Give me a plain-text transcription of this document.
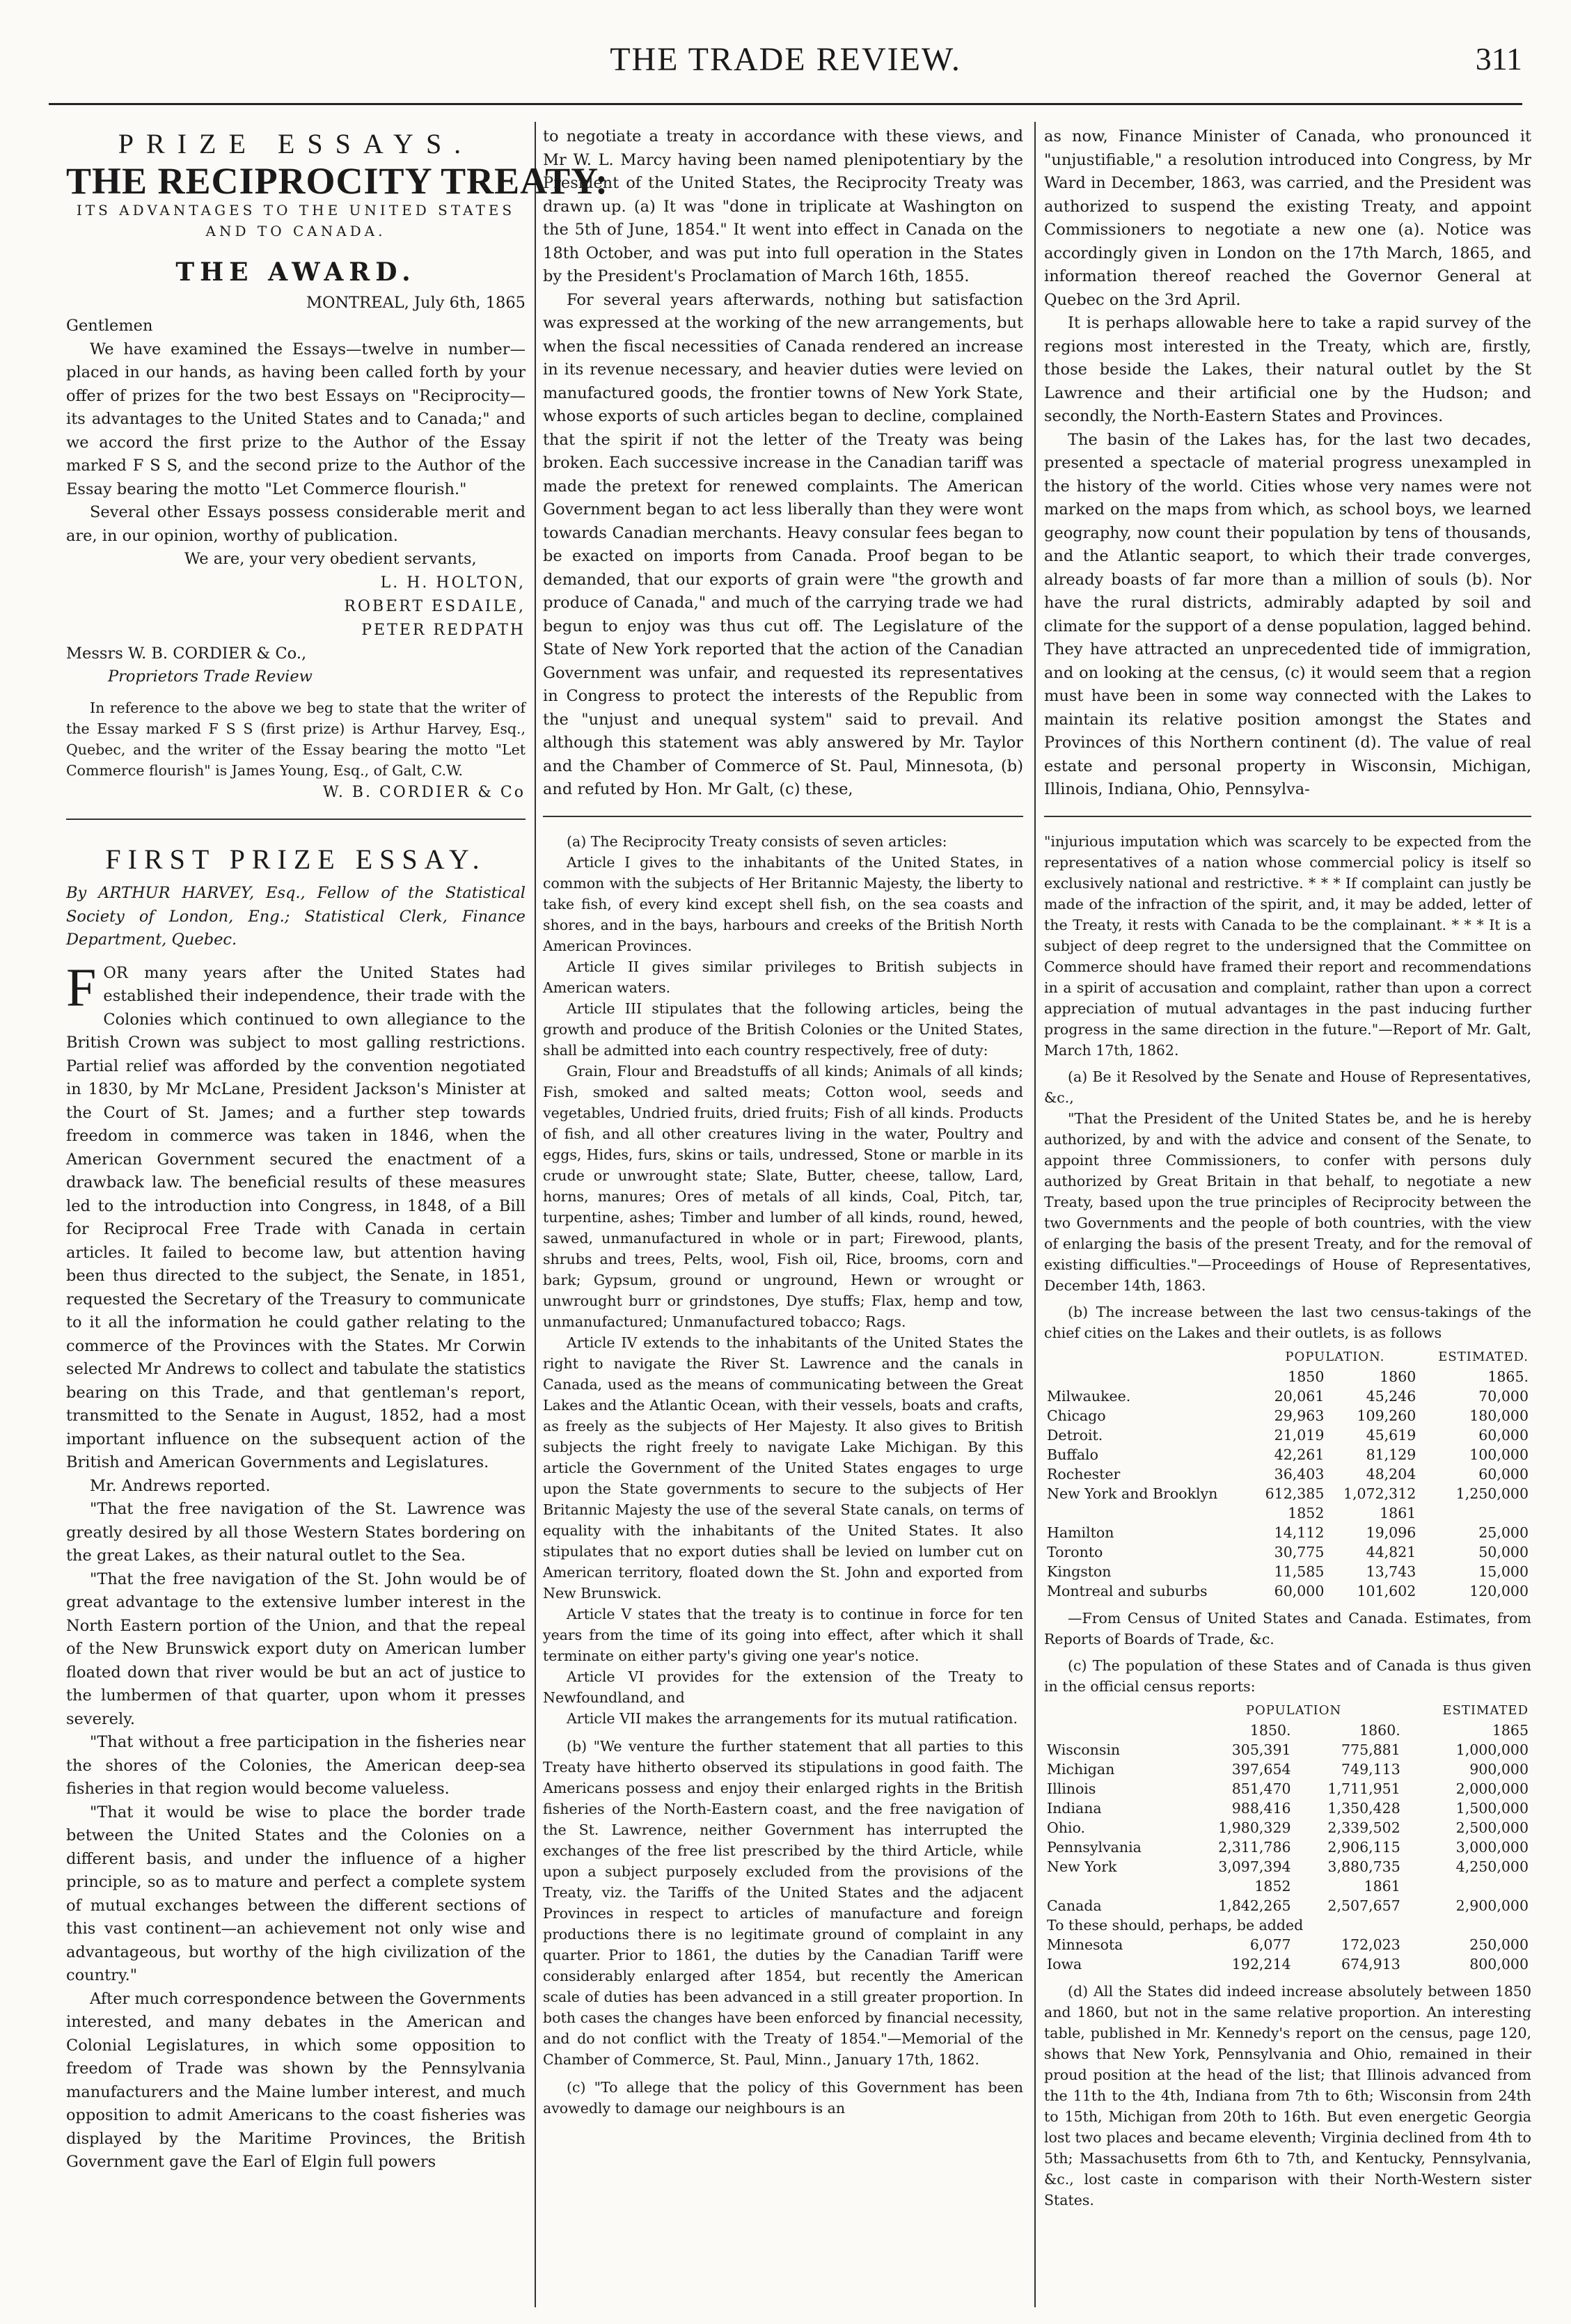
THE TRADE REVIEW.	311
PRIZE ESSAYS.
THE RECIPROCITY TREATY:
ITS ADVANTAGES TO THE UNITED STATES AND TO CANADA.
THE AWARD.

MONTREAL, July 6th, 1865

Gentlemen

We have examined the Essays—twelve in number—placed in our hands, as having been called forth by your offer of prizes for the two best Essays on "Reciprocity—its advantages to the United States and to Canada;" and we accord the first prize to the Author of the Essay marked F S S, and the second prize to the Author of the Essay bearing the motto "Let Commerce flourish."

Several other Essays possess considerable merit and are, in our opinion, worthy of publication.

We are, your very obedient servants,

L. H. HOLTON,
ROBERT ESDAILE,
PETER REDPATH

Messrs W. B. CORDIER & Co.,

Proprietors Trade Review

In reference to the above we beg to state that the writer of the Essay marked F S S (first prize) is Arthur Harvey, Esq., Quebec, and the writer of the Essay bearing the motto "Let Commerce flourish" is James Young, Esq., of Galt, C.W.

W. B. CORDIER & Co
FIRST PRIZE ESSAY.

By ARTHUR HARVEY, Esq., Fellow of the Statistical Society of London, Eng.; Statistical Clerk, Finance Department, Quebec.

FOR many years after the United States had established their independence, their trade with the Colonies which continued to own allegiance to the British Crown was subject to most galling restrictions. Partial relief was afforded by the convention negotiated in 1830, by Mr McLane, President Jackson's Minister at the Court of St. James; and a further step towards freedom in commerce was taken in 1846, when the American Government secured the enactment of a drawback law. The beneficial results of these measures led to the introduction into Congress, in 1848, of a Bill for Reciprocal Free Trade with Canada in certain articles. It failed to become law, but attention having been thus directed to the subject, the Senate, in 1851, requested the Secretary of the Treasury to communicate to it all the information he could gather relating to the commerce of the Provinces with the States. Mr Corwin selected Mr Andrews to collect and tabulate the statistics bearing on this Trade, and that gentleman's report, transmitted to the Senate in August, 1852, had a most important influence on the subsequent action of the British and American Governments and Legislatures.

Mr. Andrews reported.

"That the free navigation of the St. Lawrence was greatly desired by all those Western States bordering on the great Lakes, as their natural outlet to the Sea.

"That the free navigation of the St. John would be of great advantage to the extensive lumber interest in the North Eastern portion of the Union, and that the repeal of the New Brunswick export duty on American lumber floated down that river would be but an act of justice to the lumbermen of that quarter, upon whom it presses severely.

"That without a free participation in the fisheries near the shores of the Colonies, the American deep-sea fisheries in that region would become valueless.

"That it would be wise to place the border trade between the United States and the Colonies on a different basis, and under the influence of a higher principle, so as to mature and perfect a complete system of mutual exchanges between the different sections of this vast continent—an achievement not only wise and advantageous, but worthy of the high civilization of the country."

After much correspondence between the Governments interested, and many debates in the American and Colonial Legislatures, in which some opposition to freedom of Trade was shown by the Pennsylvania manufacturers and the Maine lumber interest, and much opposition to admit Americans to the coast fisheries was displayed by the Maritime Provinces, the British Government gave the Earl of Elgin full powers

to negotiate a treaty in accordance with these views, and Mr W. L. Marcy having been named plenipotentiary by the President of the United States, the Reciprocity Treaty was drawn up. (a) It was "done in triplicate at Washington on the 5th of June, 1854." It went into effect in Canada on the 18th October, and was put into full operation in the States by the President's Proclamation of March 16th, 1855.

For several years afterwards, nothing but satisfaction was expressed at the working of the new arrangements, but when the fiscal necessities of Canada rendered an increase in its revenue necessary, and heavier duties were levied on manufactured goods, the frontier towns of New York State, whose exports of such articles began to decline, complained that the spirit if not the letter of the Treaty was being broken. Each successive increase in the Canadian tariff was made the pretext for renewed complaints. The American Government began to act less liberally than they were wont towards Canadian merchants. Heavy consular fees began to be exacted on imports from Canada. Proof began to be demanded, that our exports of grain were "the growth and produce of Canada," and much of the carrying trade we had begun to enjoy was thus cut off. The Legislature of the State of New York reported that the action of the Canadian Government was unfair, and requested its representatives in Congress to protect the interests of the Republic from the "unjust and unequal system" said to prevail. And although this statement was ably answered by Mr. Taylor and the Chamber of Commerce of St. Paul, Minnesota, (b) and refuted by Hon. Mr Galt, (c) these,

(a) The Reciprocity Treaty consists of seven articles:

Article I gives to the inhabitants of the United States, in common with the subjects of Her Britannic Majesty, the liberty to take fish, of every kind except shell fish, on the sea coasts and shores, and in the bays, harbours and creeks of the British North American Provinces.

Article II gives similar privileges to British subjects in American waters.

Article III stipulates that the following articles, being the growth and produce of the British Colonies or the United States, shall be admitted into each country respectively, free of duty:

Grain, Flour and Breadstuffs of all kinds; Animals of all kinds; Fish, smoked and salted meats; Cotton wool, seeds and vegetables, Undried fruits, dried fruits; Fish of all kinds. Products of fish, and all other creatures living in the water, Poultry and eggs, Hides, furs, skins or tails, undressed, Stone or marble in its crude or unwrought state; Slate, Butter, cheese, tallow, Lard, horns, manures; Ores of metals of all kinds, Coal, Pitch, tar, turpentine, ashes; Timber and lumber of all kinds, round, hewed, sawed, unmanufactured in whole or in part; Firewood, plants, shrubs and trees, Pelts, wool, Fish oil, Rice, brooms, corn and bark; Gypsum, ground or unground, Hewn or wrought or unwrought burr or grindstones, Dye stuffs; Flax, hemp and tow, unmanufactured; Unmanufactured tobacco; Rags.

Article IV extends to the inhabitants of the United States the right to navigate the River St. Lawrence and the canals in Canada, used as the means of communicating between the Great Lakes and the Atlantic Ocean, with their vessels, boats and crafts, as freely as the subjects of Her Majesty. It also gives to British subjects the right freely to navigate Lake Michigan. By this article the Government of the United States engages to urge upon the State governments to secure to the subjects of Her Britannic Majesty the use of the several State canals, on terms of equality with the inhabitants of the United States. It also stipulates that no export duties shall be levied on lumber cut on American territory, floated down the St. John and exported from New Brunswick.

Article V states that the treaty is to continue in force for ten years from the time of its going into effect, after which it shall terminate on either party's giving one year's notice.

Article VI provides for the extension of the Treaty to Newfoundland, and

Article VII makes the arrangements for its mutual ratification.

(b) "We venture the further statement that all parties to this Treaty have hitherto observed its stipulations in good faith. The Americans possess and enjoy their enlarged rights in the British fisheries of the North-Eastern coast, and the free navigation of the St. Lawrence, neither Government has interrupted the exchanges of the free list prescribed by the third Article, while upon a subject purposely excluded from the provisions of the Treaty, viz. the Tariffs of the United States and the adjacent Provinces in respect to articles of manufacture and foreign productions there is no legitimate ground of complaint in any quarter. Prior to 1861, the duties by the Canadian Tariff were considerably enlarged after 1854, but recently the American scale of duties has been advanced in a still greater proportion. In both cases the changes have been enforced by financial necessity, and do not conflict with the Treaty of 1854."—Memorial of the Chamber of Commerce, St. Paul, Minn., January 17th, 1862.

(c) "To allege that the policy of this Government has been avowedly to damage our neighbours is an

as now, Finance Minister of Canada, who pronounced it "unjustifiable," a resolution introduced into Congress, by Mr Ward in December, 1863, was carried, and the President was authorized to suspend the existing Treaty, and appoint Commissioners to negotiate a new one (a). Notice was accordingly given in London on the 17th March, 1865, and information thereof reached the Governor General at Quebec on the 3rd April.

It is perhaps allowable here to take a rapid survey of the regions most interested in the Treaty, which are, firstly, those beside the Lakes, their natural outlet by the St Lawrence and their artificial one by the Hudson; and secondly, the North-Eastern States and Provinces.

The basin of the Lakes has, for the last two decades, presented a spectacle of material progress unexampled in the history of the world. Cities whose very names were not marked on the maps from which, as school boys, we learned geography, now count their population by tens of thousands, and the Atlantic seaport, to which their trade converges, already boasts of far more than a million of souls (b). Nor have the rural districts, admirably adapted by soil and climate for the support of a dense population, lagged behind. They have attracted an unprecedented tide of immigration, and on looking at the census, (c) it would seem that a region must have been in some way connected with the Lakes to maintain its relative position amongst the States and Provinces of this Northern continent (d). The value of real estate and personal property in Wisconsin, Michigan, Illinois, Indiana, Ohio, Pennsylva-

"injurious imputation which was scarcely to be expected from the representatives of a nation whose commercial policy is itself so exclusively national and restrictive. * * * If complaint can justly be made of the infraction of the spirit, and, it may be added, letter of the Treaty, it rests with Canada to be the complainant. * * * It is a subject of deep regret to the undersigned that the Committee on Commerce should have framed their report and recommendations in a spirit of accusation and complaint, rather than upon a correct appreciation of mutual advantages in the past inducing further progress in the same direction in the future."—Report of Mr. Galt, March 17th, 1862.

(a) Be it Resolved by the Senate and House of Representatives, &c.,

"That the President of the United States be, and he is hereby authorized, by and with the advice and consent of the Senate, to appoint three Commissioners, to confer with persons duly authorized by Great Britain in that behalf, to negotiate a new Treaty, based upon the true principles of Reciprocity between the two Governments and the people of both countries, with the view of enlarging the basis of the present Treaty, and for the removal of existing difficulties."—Proceedings of House of Representatives, December 14th, 1863.

(b) The increase between the last two census-takings of the chief cities on the Lakes and their outlets, is as follows

	POPULATION.		ESTIMATED.
	1850	1860	1865.
Milwaukee.	20,061	45,246	70,000
Chicago	29,963	109,260	180,000
Detroit.	21,019	45,619	60,000
Buffalo	42,261	81,129	100,000
Rochester	36,403	48,204	60,000
New York and Brooklyn	612,385	1,072,312	1,250,000
	1852	1861	
Hamilton	14,112	19,096	25,000
Toronto	30,775	44,821	50,000
Kingston	11,585	13,743	15,000
Montreal and suburbs	60,000	101,602	120,000

—From Census of United States and Canada. Estimates, from Reports of Boards of Trade, &c.

(c) The population of these States and of Canada is thus given in the official census reports:

	POPULATION		ESTIMATED
	1850.	1860.	1865
Wisconsin	305,391	775,881	1,000,000
Michigan	397,654	749,113	900,000
Illinois	851,470	1,711,951	2,000,000
Indiana	988,416	1,350,428	1,500,000
Ohio.	1,980,329	2,339,502	2,500,000
Pennsylvania	2,311,786	2,906,115	3,000,000
New York	3,097,394	3,880,735	4,250,000
	1852	1861	
Canada	1,842,265	2,507,657	2,900,000
To these should, perhaps, be added			
Minnesota	6,077	172,023	250,000
Iowa	192,214	674,913	800,000

(d) All the States did indeed increase absolutely between 1850 and 1860, but not in the same relative proportion. An interesting table, published in Mr. Kennedy's report on the census, page 120, shows that New York, Pennsylvania and Ohio, remained in their proud position at the head of the list; that Illinois advanced from the 11th to the 4th, Indiana from 7th to 6th; Wisconsin from 24th to 15th, Michigan from 20th to 16th. But even energetic Georgia lost two places and became eleventh; Virginia declined from 4th to 5th; Massachusetts from 6th to 7th, and Kentucky, Pennsylvania, &c., lost caste in comparison with their North-Western sister States.
